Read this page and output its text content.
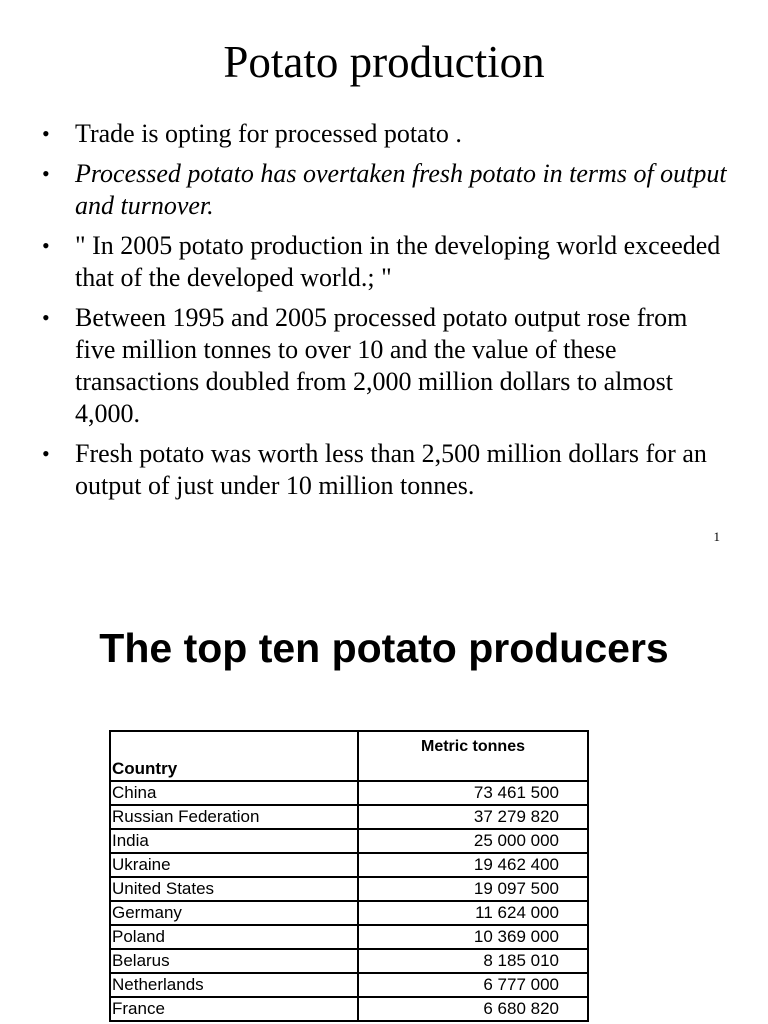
Potato production
• Trade is opting for processed potato .
• Processed potato has overtaken fresh potato in terms of output and turnover.
• " In 2005 potato production in the developing world exceeded that of the developed world.; "
• Between 1995 and 2005 processed potato output rose from five million tonnes to over 10 and the value of these transactions doubled from 2,000 million dollars to almost 4,000.
• Fresh potato was worth less than 2,500 million dollars for an output of just under 10 million tonnes.
1
The top ten potato producers
Country	Metric tonnes
China	73 461 500
Russian Federation	37 279 820
India	25 000 000
Ukraine	19 462 400
United States	19 097 500
Germany	11 624 000
Poland	10 369 000
Belarus	8 185 010
Netherlands	6 777 000
France	6 680 820
